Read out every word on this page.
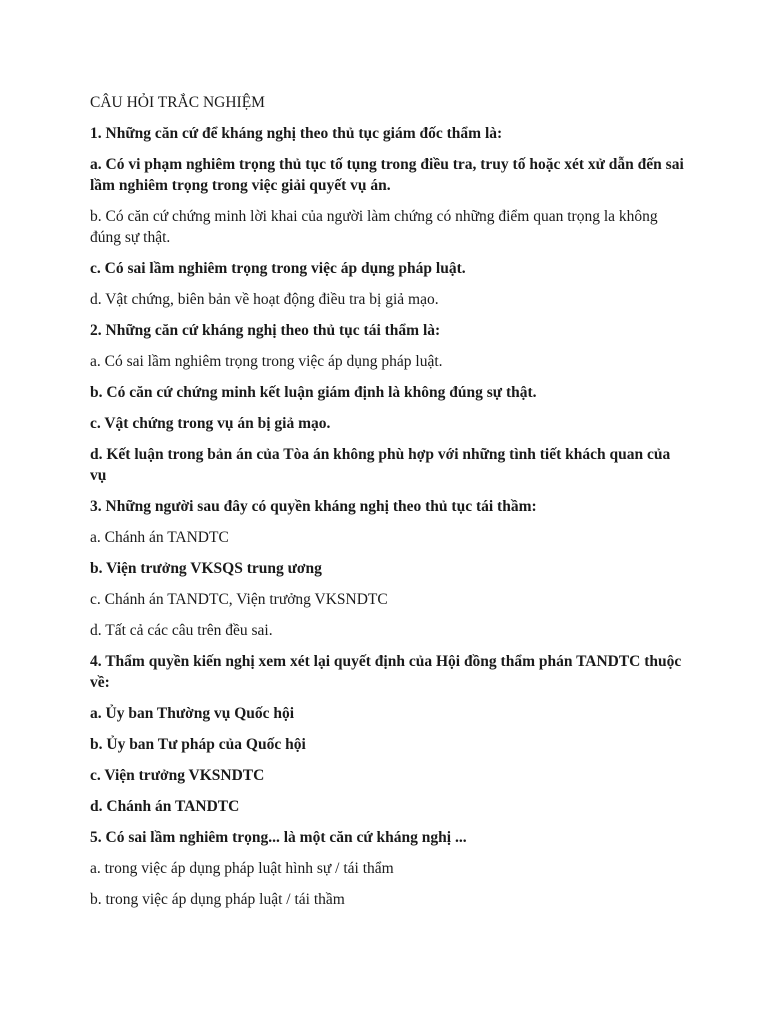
CÂU HỎI TRẮC NGHIỆM

1. Những căn cứ để kháng nghị theo thủ tục giám đốc thẩm là:

a. Có vi phạm nghiêm trọng thủ tục tố tụng trong điều tra, truy tố hoặc xét xử dẫn đến sai lầm nghiêm trọng trong việc giải quyết vụ án.

b. Có căn cứ chứng minh lời khai của người làm chứng có những điểm quan trọng la không đúng sự thật.

c. Có sai lầm nghiêm trọng trong việc áp dụng pháp luật.

d. Vật chứng, biên bản về hoạt động điều tra bị giả mạo.

2. Những căn cứ kháng nghị theo thủ tục tái thẩm là:

a. Có sai lầm nghiêm trọng trong việc áp dụng pháp luật.

b. Có căn cứ chứng minh kết luận giám định là không đúng sự thật.

c. Vật chứng trong vụ án bị giả mạo.

d. Kết luận trong bản án của Tòa án không phù hợp với những tình tiết khách quan của vụ

3. Những người sau đây có quyền kháng nghị theo thủ tục tái thầm:

a. Chánh án TANDTC

b. Viện trưởng VKSQS trung ương

c. Chánh án TANDTC, Viện trưởng VKSNDTC

d. Tất cả các câu trên đều sai.

4. Thẩm quyền kiến nghị xem xét lại quyết định của Hội đồng thẩm phán TANDTC thuộc về:

a. Ủy ban Thường vụ Quốc hội

b. Ủy ban Tư pháp của Quốc hội

c. Viện trưởng VKSNDTC

d. Chánh án TANDTC

5. Có sai lầm nghiêm trọng... là một căn cứ kháng nghị ...

a. trong việc áp dụng pháp luật hình sự / tái thẩm

b. trong việc áp dụng pháp luật / tái thầm
